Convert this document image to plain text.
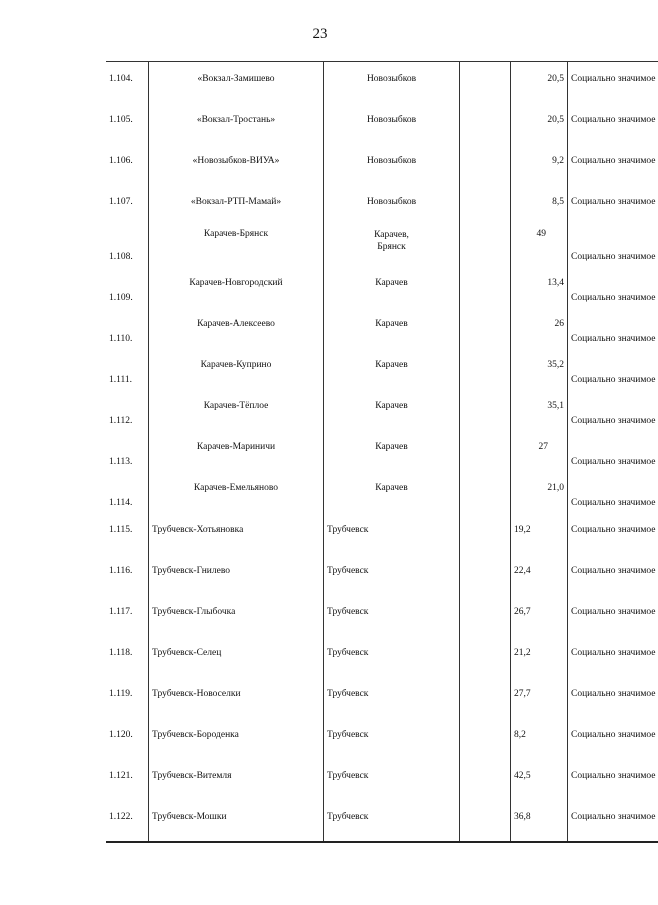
23
1.104.	«Вокзал-Замишево	Новозыбков		20,5	Социально значимое

1.105.	«Вокзал-Тростань»	Новозыбков		20,5	Социально значимое

1.106.	«Новозыбков-ВИУА»	Новозыбков		9,2	Социально значимое

1.107.	«Вокзал-РТП-Мамай»	Новозыбков		8,5	Социально значимое

1.108.	Карачев-Брянск	Карачев,
Брянск		49	Социально значимое

1.109.	Карачев-Новгородский	Карачев		13,4	Социально значимое

1.110.	Карачев-Алексеево	Карачев		26	Социально значимое

1.111.	Карачев-Куприно	Карачев		35,2	Социально значимое

1.112.	Карачев-Тёплое	Карачев		35,1	Социально значимое

1.113.	Карачев-Мариничи	Карачев		27	Социально значимое

1.114.	Карачев-Емельяново	Карачев		21,0	Социально значимое

1.115.	Трубчевск-Хотьяновка	Трубчевск		19,2	Социально значимое

1.116.	Трубчевск-Гнилево	Трубчевск		22,4	Социально значимое

1.117.	Трубчевск-Глыбочка	Трубчевск		26,7	Социально значимое

1.118.	Трубчевск-Селец	Трубчевск		21,2	Социально значимое

1.119.	Трубчевск-Новоселки	Трубчевск		27,7	Социально значимое

1.120.	Трубчевск-Бороденка	Трубчевск		8,2	Социально значимое

1.121.	Трубчевск-Витемля	Трубчевск		42,5	Социально значимое

1.122.	Трубчевск-Мошки	Трубчевск		36,8	Социально значимое
